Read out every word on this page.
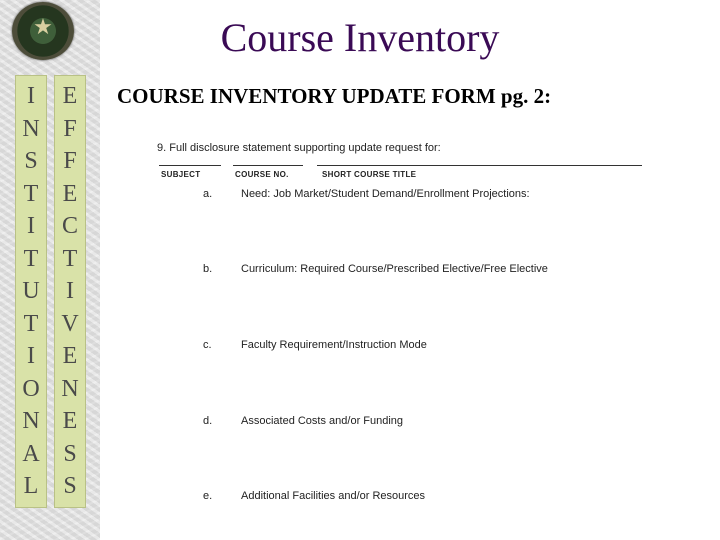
★
I
N
S
T
I
T
U
T
I
O
N
A
L
E
F
F
E
C
T
I
V
E
N
E
S
S
Course Inventory
COURSE INVENTORY UPDATE FORM pg. 2:
9. Full disclosure statement supporting update request for:
SUBJECT	COURSE NO.	SHORT COURSE TITLE
a.	Need: Job Market/Student Demand/Enrollment Projections:
b.	Curriculum: Required Course/Prescribed Elective/Free Elective
c.	Faculty Requirement/Instruction Mode
d.	Associated Costs and/or Funding
e.	Additional Facilities and/or Resources
